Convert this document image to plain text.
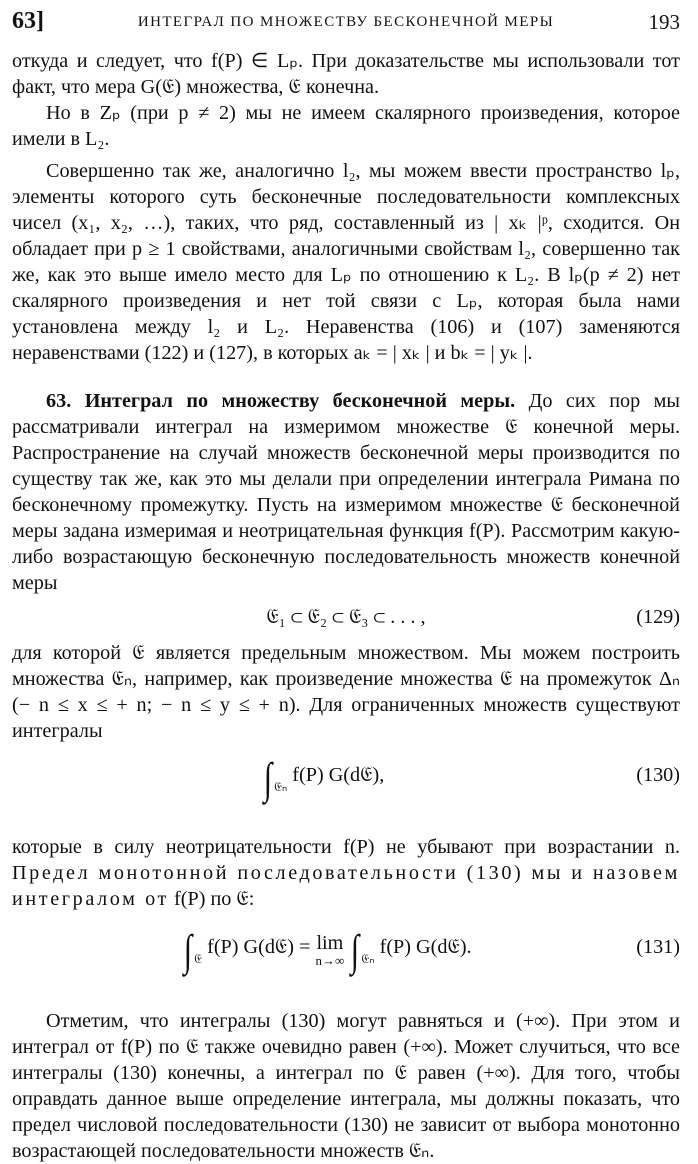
63]	ИНТЕГРАЛ ПО МНОЖЕСТВУ БЕСКОНЕЧНОЙ МЕРЫ	193

откуда и следует, что f(P) ∈ Lₚ. При доказательстве мы использовали тот факт, что мера G(𝔈) множества, 𝔈 конечна.

Но в Zₚ (при p ≠ 2) мы не имеем скалярного произведения, которое имели в L₂.

Совершенно так же, аналогично l₂, мы можем ввести пространство lₚ, элементы которого суть бесконечные последовательности комплексных чисел (x₁, x₂, …), таких, что ряд, составленный из | xₖ |ᵖ, сходится. Он обладает при p ≥ 1 свойствами, аналогичными свойствам l₂, совершенно так же, как это выше имело место для Lₚ по отношению к L₂. В lₚ(p ≠ 2) нет скалярного произведения и нет той связи с Lₚ, которая была нами установлена между l₂ и L₂. Неравенства (106) и (107) заменяются неравенствами (122) и (127), в которых aₖ = | xₖ | и bₖ = | yₖ |.

63. Интеграл по множеству бесконечной меры. До сих пор мы рассматривали интеграл на измеримом множестве 𝔈 конечной меры. Распространение на случай множеств бесконечной меры производится по существу так же, как это мы делали при определении интеграла Римана по бесконечному промежутку. Пусть на измеримом множестве 𝔈 бесконечной меры задана измеримая и неотрицательная функция f(P). Рассмотрим какую-либо возрастающую бесконечную последовательность множеств конечной меры

𝔈₁ ⊂ 𝔈₂ ⊂ 𝔈₃ ⊂ . . . ,	(129)

для которой 𝔈 является предельным множеством. Мы можем построить множества 𝔈ₙ, например, как произведение множества 𝔈 на промежуток Δₙ (− n ≤ x ≤ + n; − n ≤ y ≤ + n). Для ограниченных множеств существуют интегралы

∫ $_{𝔈_n}$ f(P) G(d𝔈),	(130)

которые в силу неотрицательности f(P) не убывают при возрастании n. Предел монотонной последовательности (130) мы и назовем интегралом от f(P) по 𝔈:

∫ $_𝔈$ f(P) G(d𝔈) = lim
n→∞ ∫ $_{𝔈_n}$ f(P) G(d𝔈).	(131)

Отметим, что интегралы (130) могут равняться и (+∞). При этом и интеграл от f(P) по 𝔈 также очевидно равен (+∞). Может случиться, что все интегралы (130) конечны, а интеграл по 𝔈 равен (+∞). Для того, чтобы оправдать данное выше определение интеграла, мы должны показать, что предел числовой последовательности (130) не зависит от выбора монотонно возрастающей последовательности множеств 𝔈ₙ.
